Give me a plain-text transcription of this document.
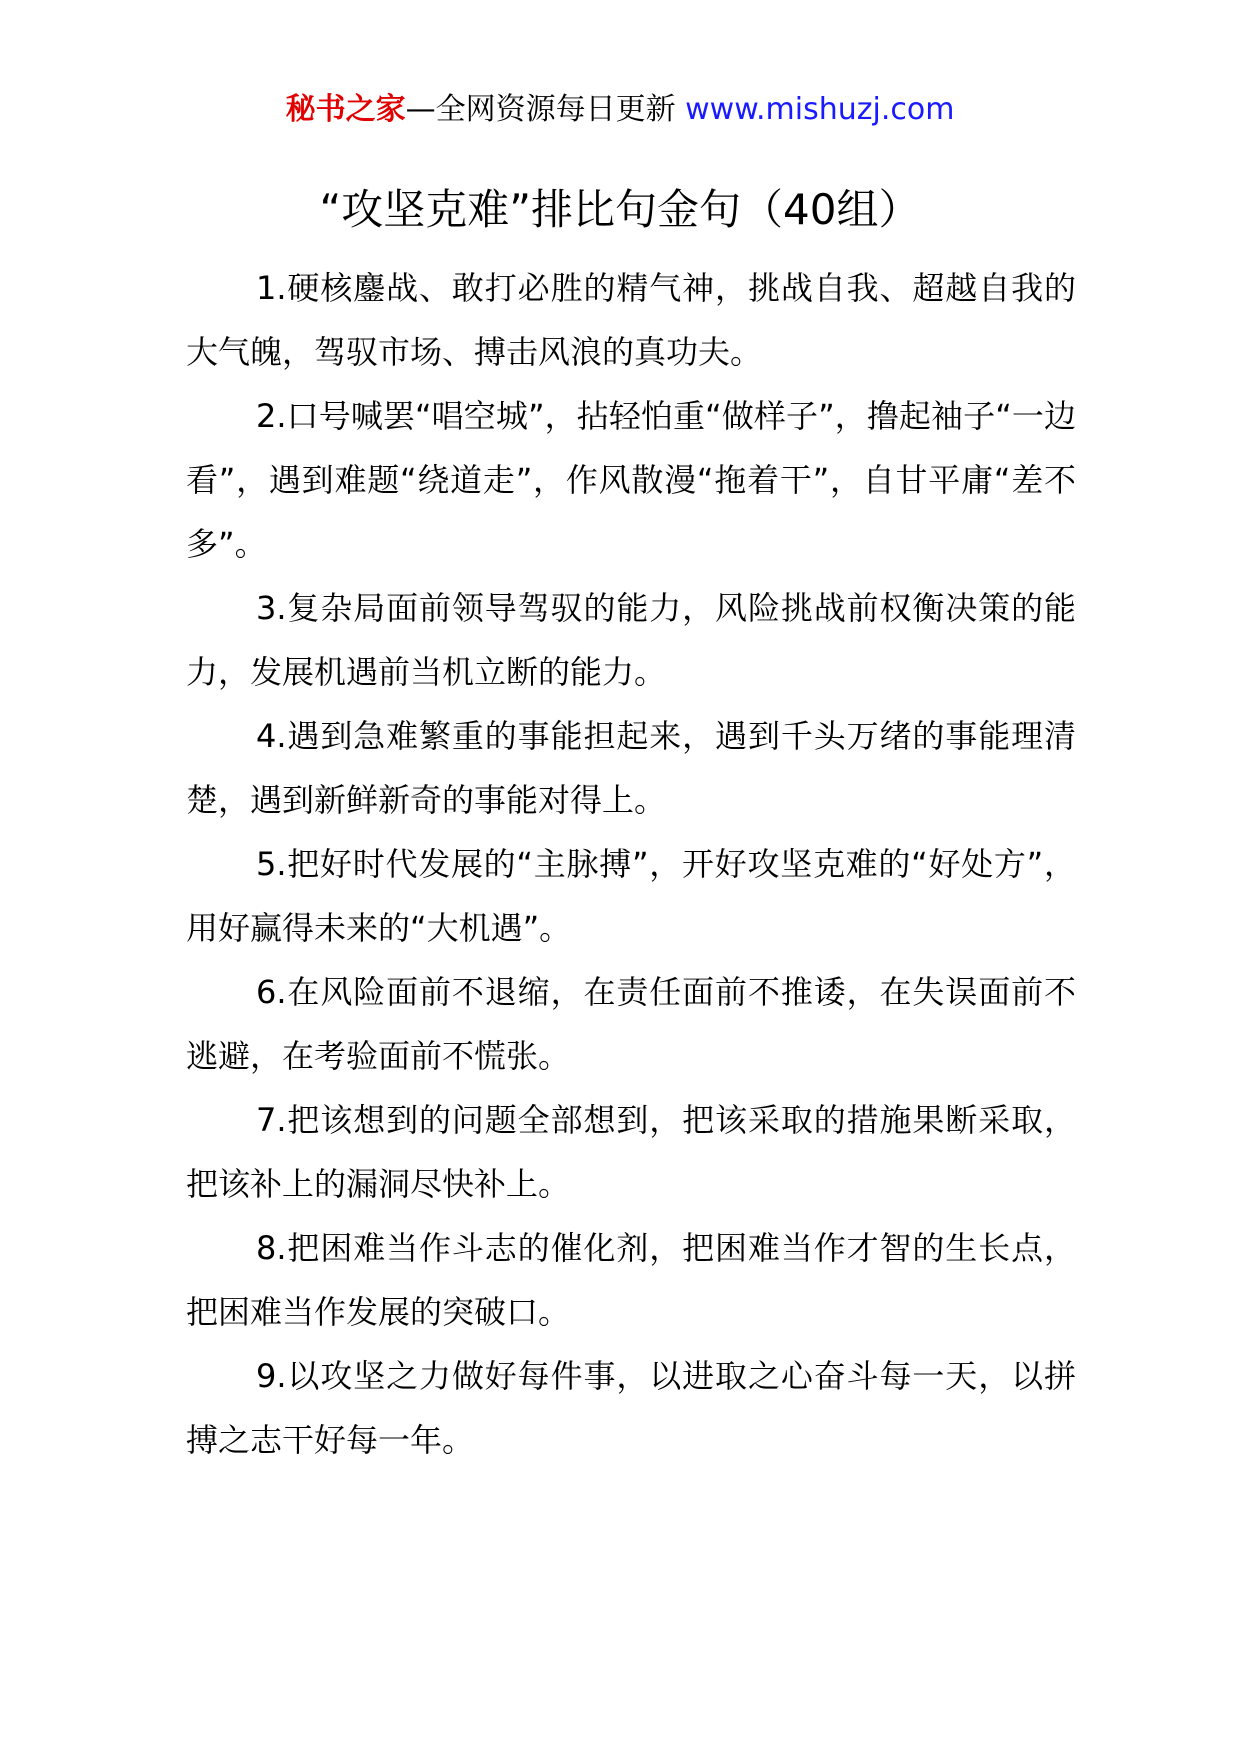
秘书之家—全网资源每日更新 www.mishuzj.com
“攻坚克难”排比句金句（40组）

1.硬核鏖战、敢打必胜的精气神，挑战自我、超越自我的大气魄，驾驭市场、搏击风浪的真功夫。

2.口号喊罢“唱空城”，拈轻怕重“做样子”，撸起袖子“一边看”，遇到难题“绕道走”，作风散漫“拖着干”，自甘平庸“差不多”。

3.复杂局面前领导驾驭的能力，风险挑战前权衡决策的能力，发展机遇前当机立断的能力。

4.遇到急难繁重的事能担起来，遇到千头万绪的事能理清楚，遇到新鲜新奇的事能对得上。

5.把好时代发展的“主脉搏”，开好攻坚克难的“好处方”，用好赢得未来的“大机遇”。

6.在风险面前不退缩，在责任面前不推诿，在失误面前不逃避，在考验面前不慌张。

7.把该想到的问题全部想到，把该采取的措施果断采取，把该补上的漏洞尽快补上。

8.把困难当作斗志的催化剂，把困难当作才智的生长点，把困难当作发展的突破口。

9.以攻坚之力做好每件事，以进取之心奋斗每一天，以拼搏之志干好每一年。
